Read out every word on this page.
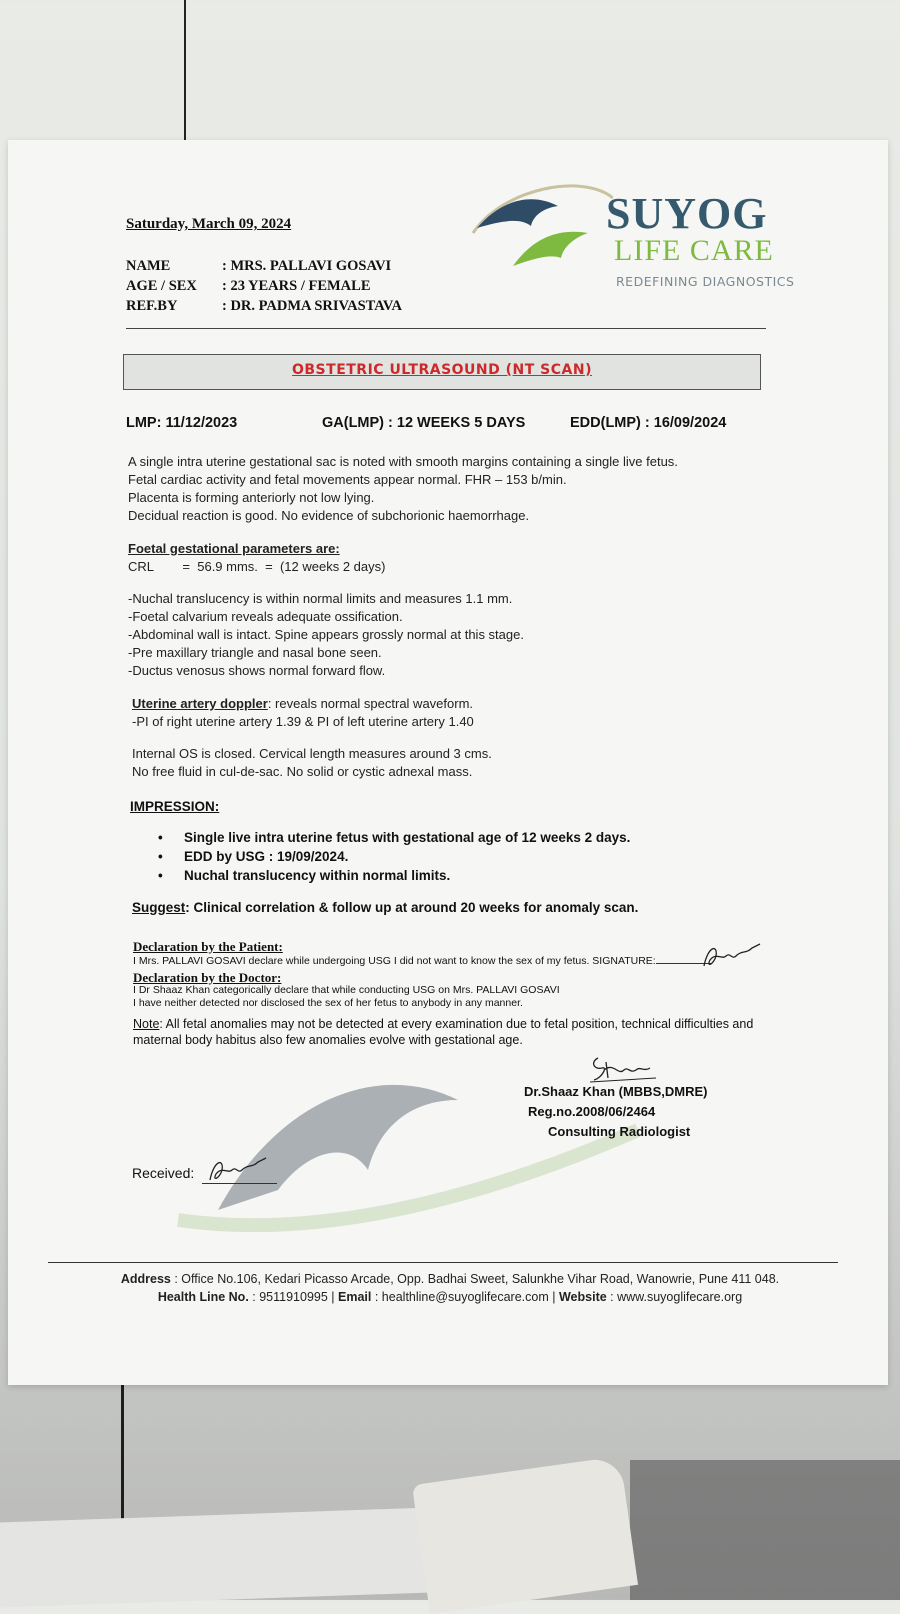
Saturday, March 09, 2024	SUYOG
LIFE CARE
REDEFINING DIAGNOSTICS
NAME	: MRS. PALLAVI GOSAVI
AGE / SEX	: 23 YEARS / FEMALE
REF.BY	: DR. PADMA SRIVASTAVA
OBSTETRIC ULTRASOUND (NT SCAN)
LMP: 11/12/2023	GA(LMP) : 12 WEEKS 5 DAYS	EDD(LMP) : 16/09/2024
A single intra uterine gestational sac is noted with smooth margins containing a single live fetus.
Fetal cardiac activity and fetal movements appear normal. FHR – 153 b/min.
Placenta is forming anteriorly not low lying.
Decidual reaction is good. No evidence of subchorionic haemorrhage.
Foetal gestational parameters are:
CRL        =  56.9 mms.  =  (12 weeks 2 days)
-Nuchal translucency is within normal limits and measures 1.1 mm.
-Foetal calvarium reveals adequate ossification.
-Abdominal wall is intact. Spine appears grossly normal at this stage.
-Pre maxillary triangle and nasal bone seen.
-Ductus venosus shows normal forward flow.
Uterine artery doppler: reveals normal spectral waveform.
-PI of right uterine artery 1.39 & PI of left uterine artery 1.40
Internal OS is closed. Cervical length measures around 3 cms.
No free fluid in cul-de-sac. No solid or cystic adnexal mass.
IMPRESSION:
• Single live intra uterine fetus with gestational age of 12 weeks 2 days.
• EDD by USG : 19/09/2024.
• Nuchal translucency within normal limits.
Suggest: Clinical correlation & follow up at around 20 weeks for anomaly scan.
Declaration by the Patient:
I Mrs. PALLAVI GOSAVI declare while undergoing USG I did not want to know the sex of my fetus. SIGNATURE:
Declaration by the Doctor:
I Dr Shaaz Khan categorically declare that while conducting USG on Mrs. PALLAVI GOSAVI
I have neither detected nor disclosed the sex of her fetus to anybody in any manner.
Note: All fetal anomalies may not be detected at every examination due to fetal position, technical difficulties and maternal body habitus also few anomalies evolve with gestational age.
Dr.Shaaz Khan (MBBS,DMRE)
Reg.no.2008/06/2464
Consulting Radiologist
Received:
Address : Office No.106, Kedari Picasso Arcade, Opp. Badhai Sweet, Salunkhe Vihar Road, Wanowrie, Pune 411 048.
Health Line No. : 9511910995 | Email : healthline@suyoglifecare.com | Website : www.suyoglifecare.org
